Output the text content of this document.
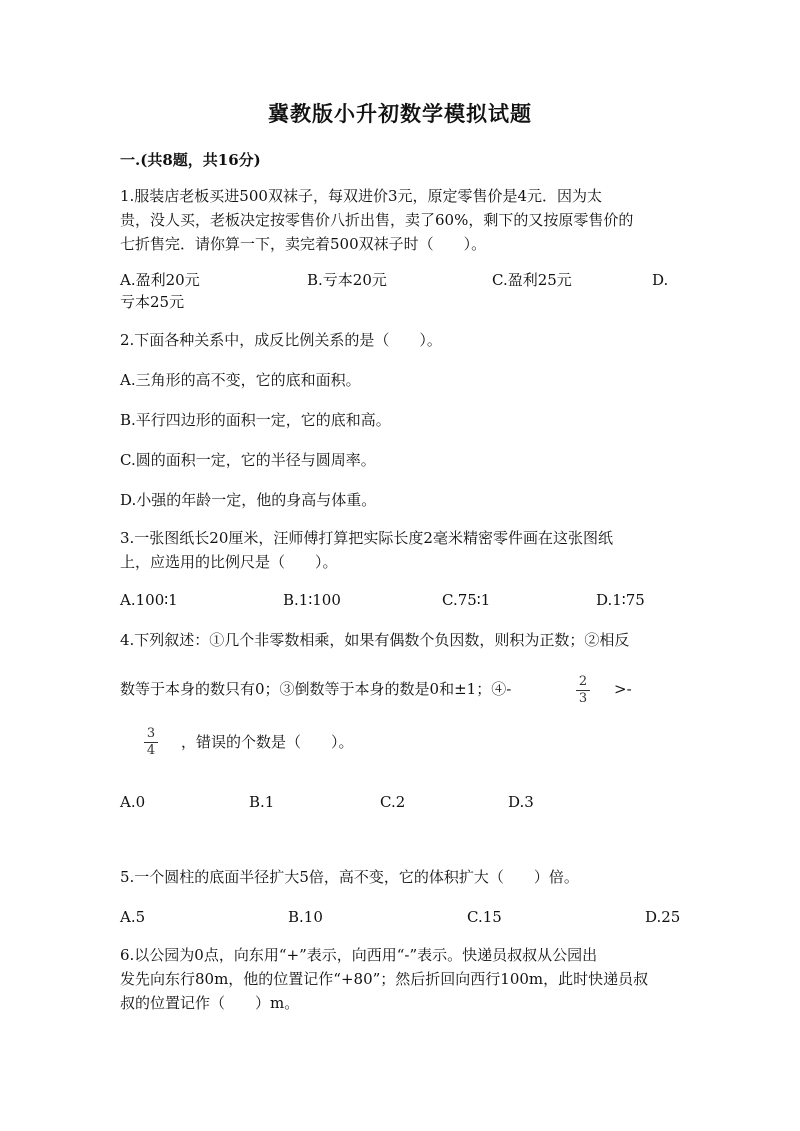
冀教版小升初数学模拟试题
一.(共8题，共16分)
1.服装店老板买进500双袜子，每双进价3元，原定零售价是4元．因为太
贵，没人买，老板决定按零售价八折出售，卖了60%，剩下的又按原零售价的
七折售完．请你算一下，卖完着500双袜子时（　　）。
A.盈利20元	B.亏本20元	C.盈利25元	D.
亏本25元
2.下面各种关系中，成反比例关系的是（　　）。
A.三角形的高不变，它的底和面积。
B.平行四边形的面积一定，它的底和高。
C.圆的面积一定，它的半径与圆周率。
D.小强的年龄一定，他的身高与体重。
3.一张图纸长20厘米，汪师傅打算把实际长度2毫米精密零件画在这张图纸
上，应选用的比例尺是（　　）。
A.100∶1	B.1∶100	C.75∶1	D.1∶75
4.下列叙述：①几个非零数相乘，如果有偶数个负因数，则积为正数；②相反
数等于本身的数只有0；③倒数等于本身的数是0和±1；④-	2
3
>-
3
4 ，错误的个数是（　　）。
A.0	B.1	C.2	D.3
5.一个圆柱的底面半径扩大5倍，高不变，它的体积扩大（　　）倍。
A.5	B.10	C.15	D.25
6.以公园为0点，向东用“+”表示，向西用“-”表示。快递员叔叔从公园出
发先向东行80m，他的位置记作“+80”；然后折回向西行100m，此时快递员叔
叔的位置记作（　　）m。
